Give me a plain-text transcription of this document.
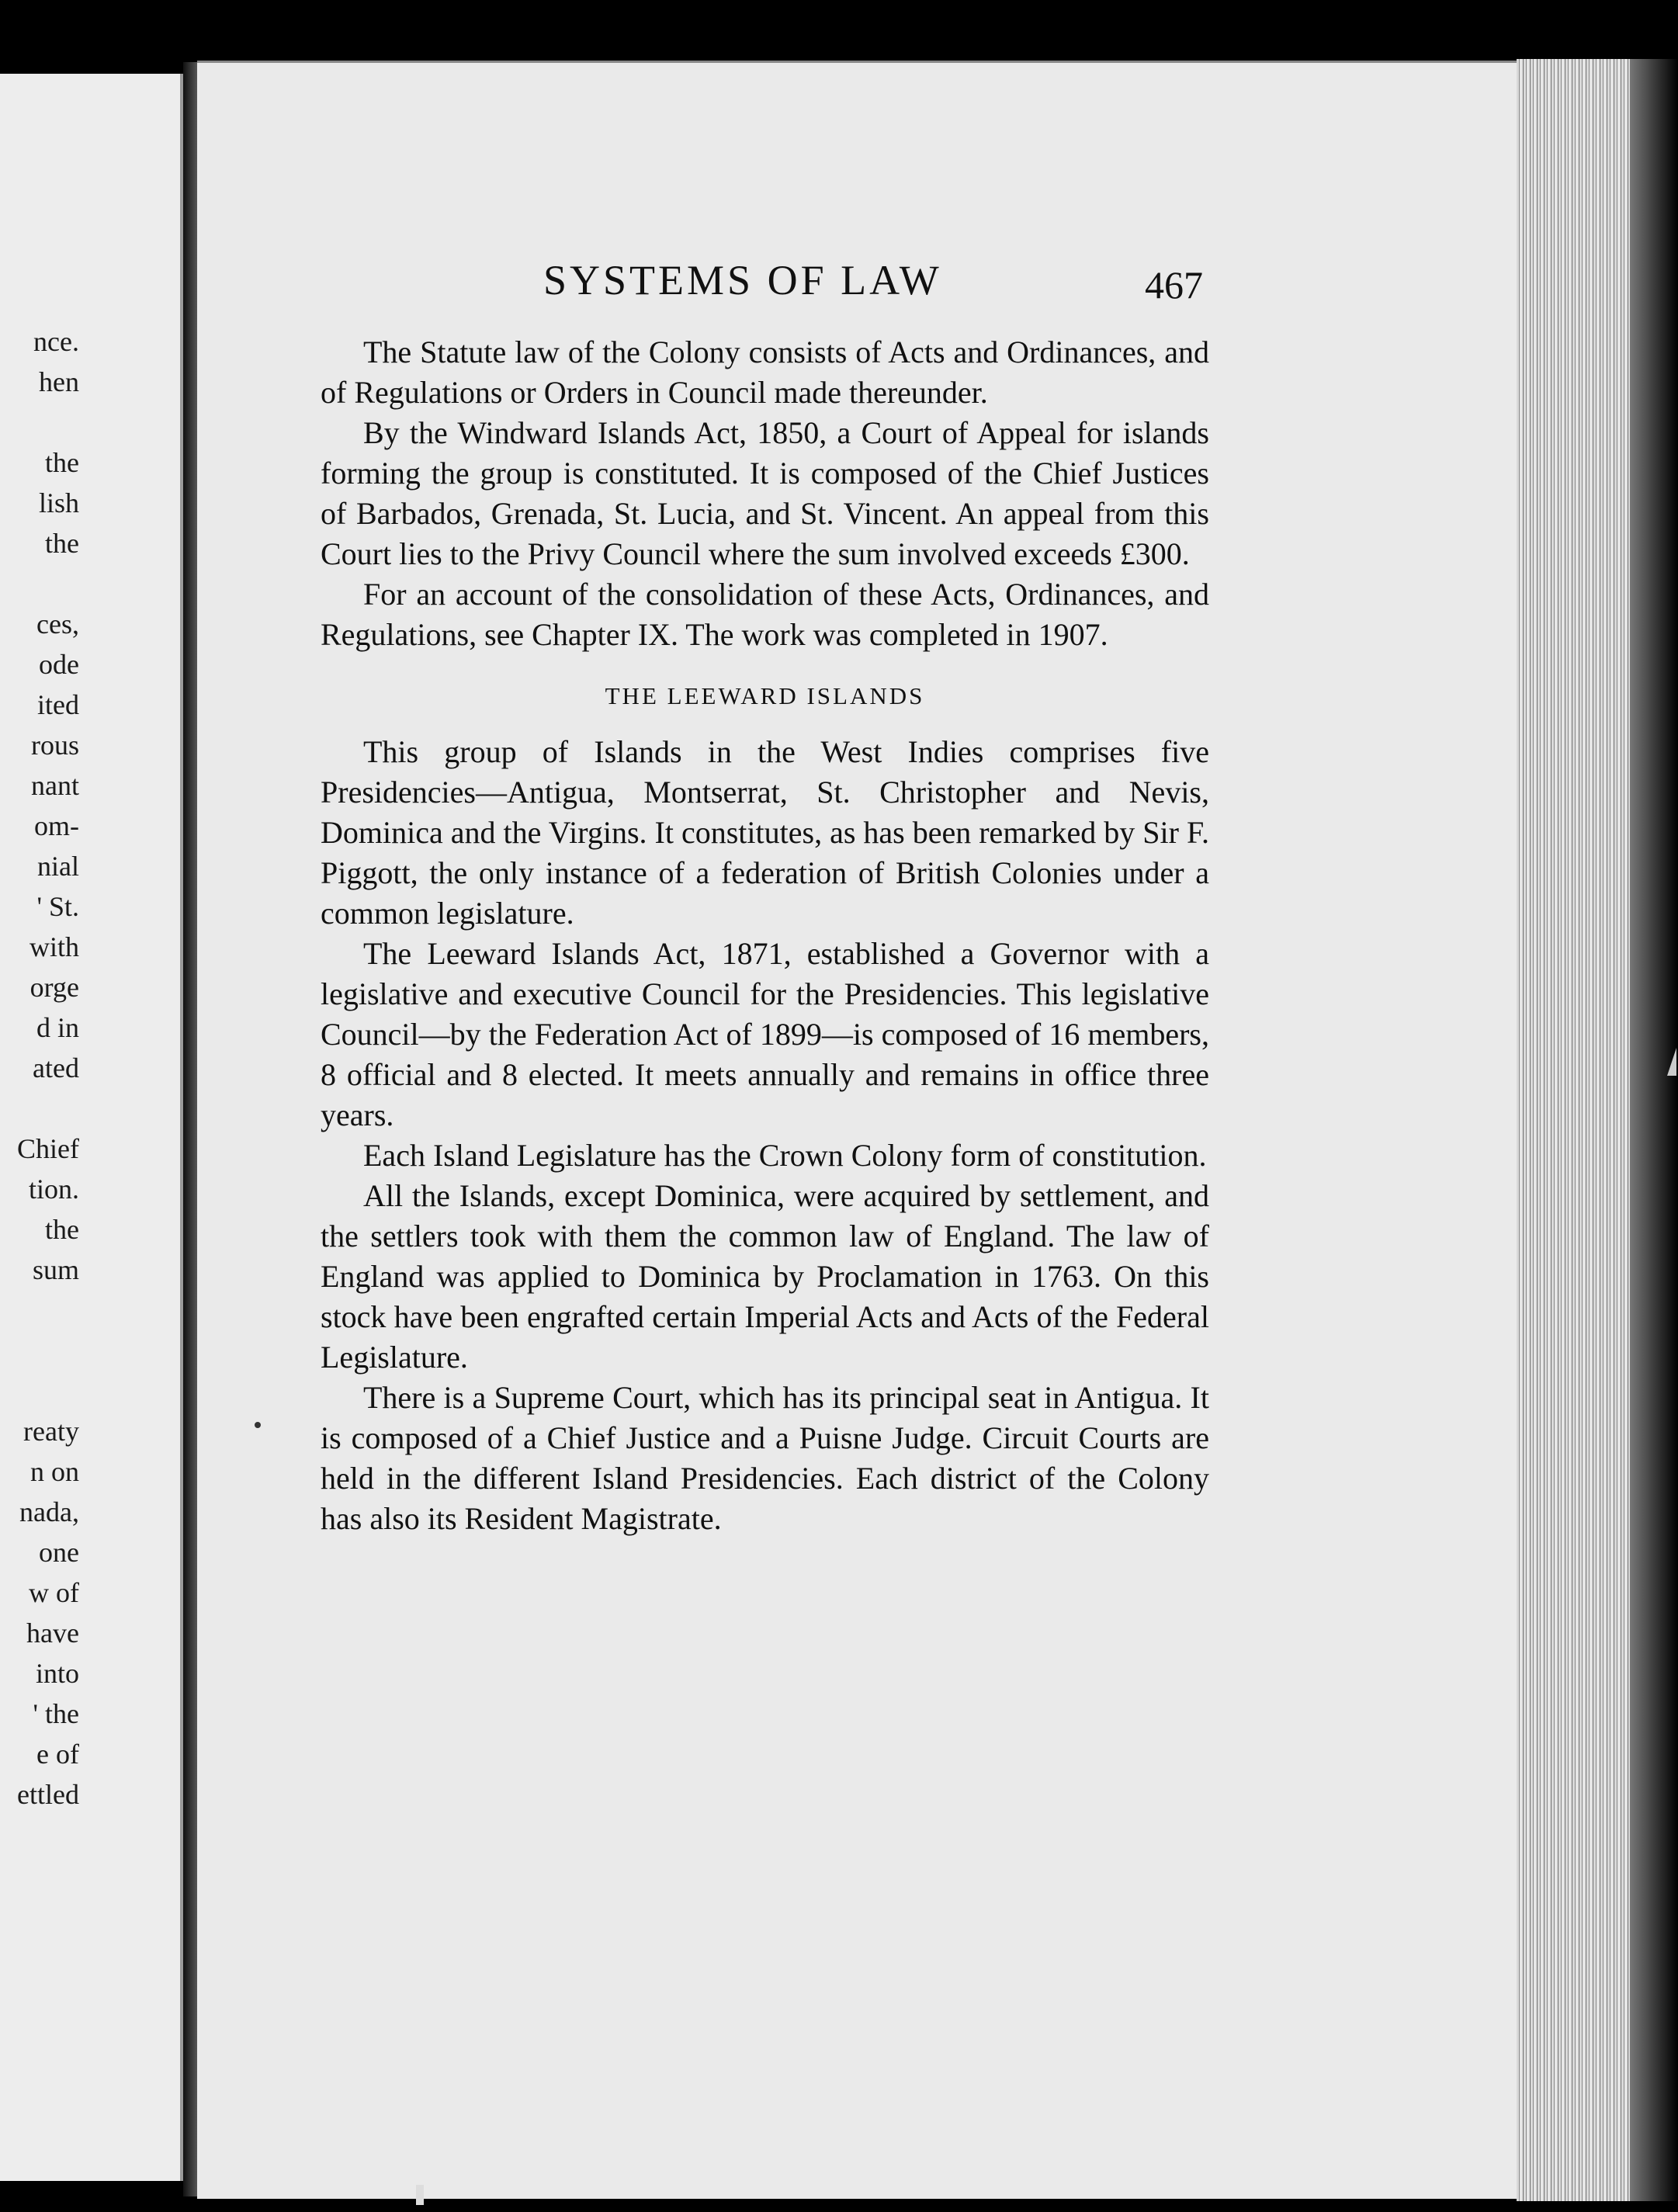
nce.
hen
the
lish
the
ces,
ode
ited
rous
nant
om-
nial
' St.
with
orge
d in
ated
Chief
tion.
the
sum
reaty
n on
nada,
one
w of
have
into
' the
e of
ettled
SYSTEMS OF LAW	467

The Statute law of the Colony consists of Acts and Ordinances, and of Regulations or Orders in Council made thereunder.

By the Windward Islands Act, 1850, a Court of Appeal for islands forming the group is constituted. It is composed of the Chief Justices of Barbados, Grenada, St. Lucia, and St. Vincent. An appeal from this Court lies to the Privy Council where the sum involved exceeds £300.

For an account of the consolidation of these Acts, Ordinances, and Regulations, see Chapter IX. The work was completed in 1907.

THE LEEWARD ISLANDS

This group of Islands in the West Indies comprises five Presidencies—Antigua, Montserrat, St. Christopher and Nevis, Dominica and the Virgins. It constitutes, as has been remarked by Sir F. Piggott, the only instance of a federation of British Colonies under a common legislature.

The Leeward Islands Act, 1871, established a Governor with a legislative and executive Council for the Presidencies. This legislative Council—by the Federation Act of 1899—is composed of 16 members, 8 official and 8 elected. It meets annually and remains in office three years.

Each Island Legislature has the Crown Colony form of constitution.

All the Islands, except Dominica, were acquired by settlement, and the settlers took with them the common law of England. The law of England was applied to Dominica by Proclamation in 1763. On this stock have been engrafted certain Imperial Acts and Acts of the Federal Legislature.

There is a Supreme Court, which has its principal seat in Antigua. It is composed of a Chief Justice and a Puisne Judge. Circuit Courts are held in the different Island Presidencies. Each district of the Colony has also its Resident Magistrate.
